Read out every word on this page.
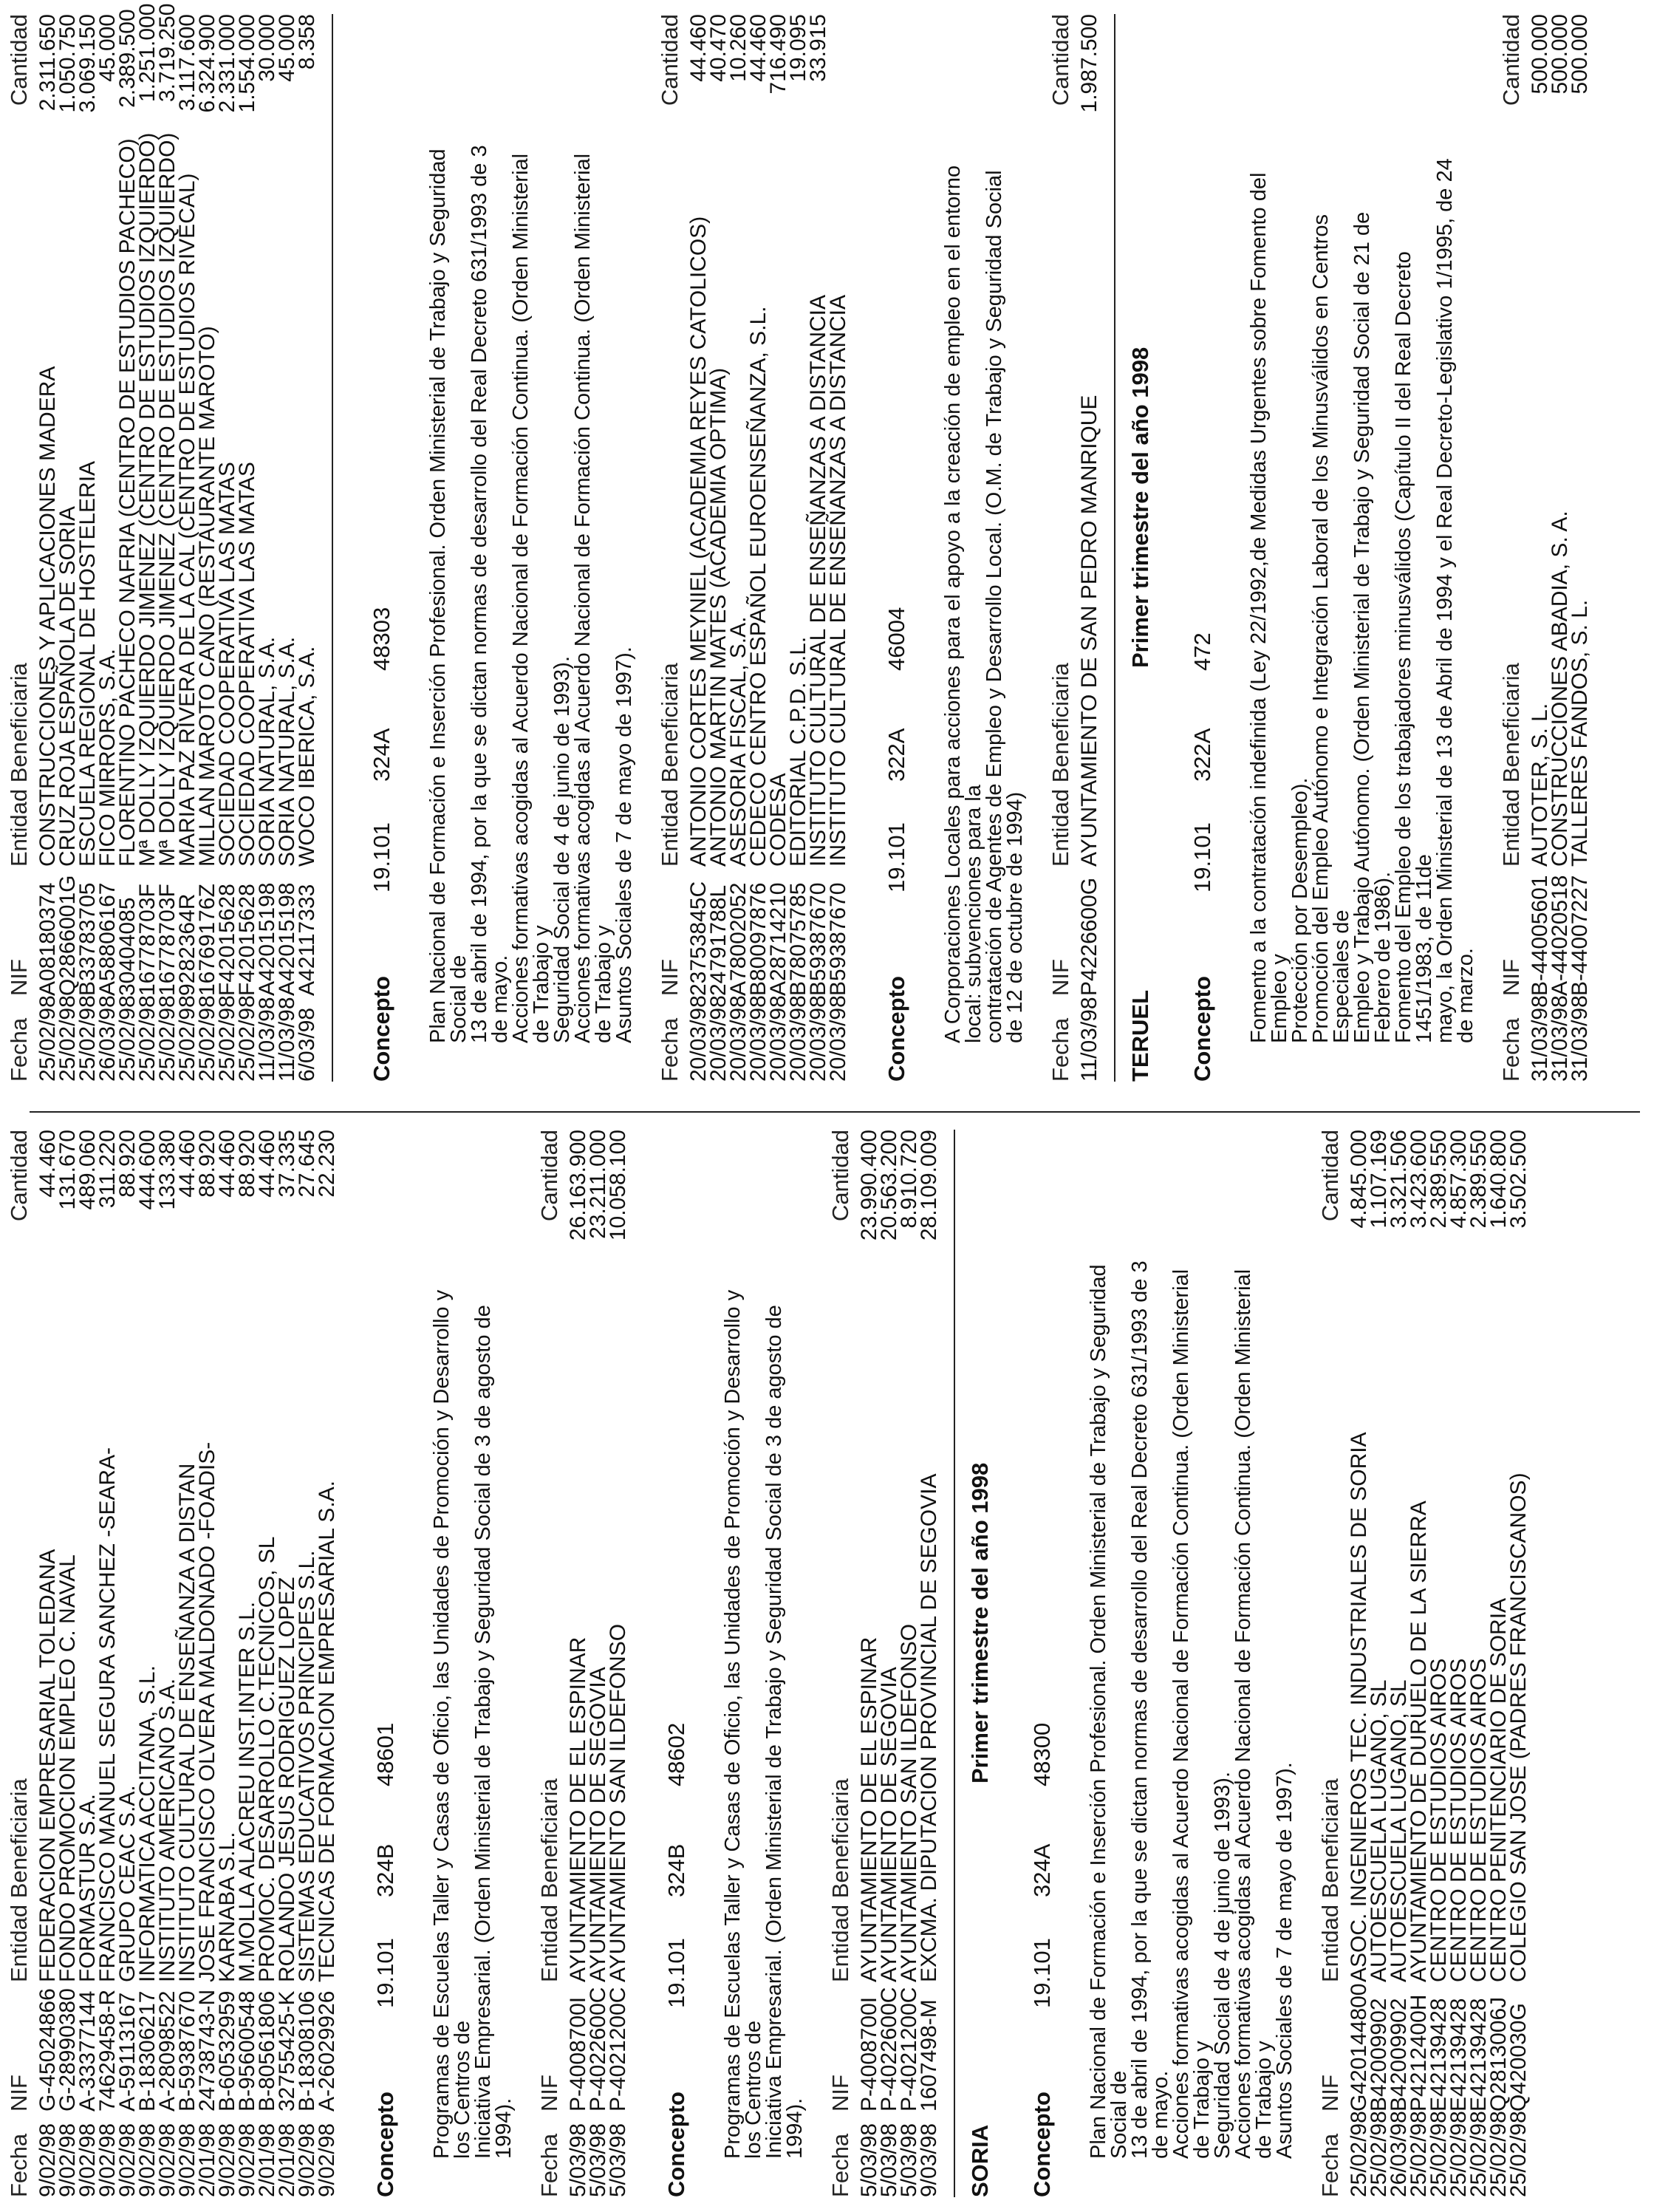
Fecha
NIF
Entidad Beneficiaria
Cantidad
9/02/98
G-45024866
FEDERACION EMPRESARIAL TOLEDANA
44.460
9/02/98
G-28990380
FONDO PROMOCION EMPLEO C. NAVAL
131.670
9/02/98
A-33377144
FORMASTUR S.A.
489.060
9/02/98
74629458-R
FRANCISCO MANUEL SEGURA SANCHEZ -SEARA-
311.220
9/02/98
A-59113167
GRUPO CEAC S.A.
88.920
9/02/98
B-18306217
INFORMATICA ACCITANA, S.L.
444.600
9/02/98
A-28098522
INSTITUTO AMERICANO S.A.
133.380
9/02/98
B-59387670
INSTITUTO CULTURAL DE ENSEÑANZA A DISTAN
44.460
2/01/98
24738743-N
JOSE FRANCISCO OLVERA MALDONADO -FOADIS-
88.920
9/02/98
B-60532959
KARNABA S.L.
44.460
9/02/98
B-95600548
M.MOLLA ALACREU INST.INTER S.L.
88.920
2/01/98
B-80561806
PROMOC. DESARROLLO C.TECNICOS, SL
44.460
2/01/98
32755425-K
ROLANDO JESUS RODRIGUEZ LOPEZ
37.335
9/02/98
B-18308106
SISTEMAS EDUCATIVOS PRINCIPES S.L.
27.645
9/02/98
A-26029926
TECNICAS DE FORMACION EMPRESARIAL S.A.
22.230
Concepto
19.101
324B
48601
Programas de Escuelas Taller y Casas de Oficio, las Unidades de Promoción y Desarrollo y los Centros de
Iniciativa Empresarial. (Orden Ministerial de Trabajo y Seguridad Social de 3 de agosto de 1994).
Fecha
NIF
Entidad Beneficiaria
Cantidad
5/03/98
P-4008700I
AYUNTAMIENTO DE EL ESPINAR
26.163.900
5/03/98
P-4022600C
AYUNTAMIENTO DE SEGOVIA
23.211.000
5/03/98
P-4021200C
AYUNTAMIENTO SAN ILDEFONSO
10.058.100
Concepto
19.101
324B
48602
Programas de Escuelas Taller y Casas de Oficio, las Unidades de Promoción y Desarrollo y los Centros de
Iniciativa Empresarial. (Orden Ministerial de Trabajo y Seguridad Social de 3 de agosto de 1994).
Fecha
NIF
Entidad Beneficiaria
Cantidad
5/03/98
P-4008700I
AYUNTAMIENTO DE EL ESPINAR
23.990.400
5/03/98
P-4022600C
AYUNTAMIENTO DE SEGOVIA
20.563.200
5/03/98
P-4021200C
AYUNTAMIENTO SAN ILDEFONSO
8.910.720
9/03/98
1607498-M
EXCMA. DIPUTACION PROVINCIAL DE SEGOVIA
28.109.009
SORIA
Primer trimestre del año 1998
Concepto
19.101
324A
48300
Plan Nacional de Formación e Inserción Profesional. Orden Ministerial de Trabajo y Seguridad Social de
13 de abril de 1994, por la que se dictan normas de desarrollo del Real Decreto 631/1993 de 3 de mayo.
Acciones formativas acogidas al Acuerdo Nacional de Formación Continua. (Orden Ministerial de Trabajo y
Seguridad Social de 4 de junio de 1993).
Acciones formativas acogidas al Acuerdo Nacional de Formación Continua. (Orden Ministerial de Trabajo y
Asuntos Sociales de 7 de mayo de 1997).
Fecha
NIF
Entidad Beneficiaria
Cantidad
25/02/98
G420144800
ASOC. INGENIEROS TEC. INDUSTRIALES DE SORIA
4.845.000
25/02/98
B42009902
AUTOESCUELA LUGANO, SL
1.107.169
26/03/98
B42009902
AUTOESCUELA LUGANO, SL
3.321.506
25/02/98
P4212400H
AYUNTAMIENTO DE DURUELO DE LA SIERRA
3.423.600
25/02/98
E42139428
CENTRO DE ESTUDIOS AIROS
2.389.550
25/02/98
E42139428
CENTRO DE ESTUDIOS AIROS
4.857.300
25/02/98
E42139428
CENTRO DE ESTUDIOS AIROS
2.389.550
25/02/98
Q2813006J
CENTRO PENITENCIARIO DE SORIA
1.640.800
25/02/98
Q420030G
COLEGIO SAN JOSE (PADRES FRANCISCANOS)
3.502.500
Fecha
NIF
Entidad Beneficiaria
Cantidad
25/02/98
A08180374
CONSTRUCCIONES Y APLICACIONES MADERA
2.311.650
25/02/98
Q2866001G
CRUZ ROJA ESPAÑOLA DE SORIA
1.050.750
25/02/98
B33783705
ESCUELA REGIONAL DE HOSTELERIA
3.069.150
26/03/98
A58806167
FICO MIRRORS, S.A.
45.000
25/02/98
30404085
FLORENTINO PACHECO NAFRIA (CENTRO DE ESTUDIOS PACHECO)
2.389.500
25/02/98
16778703F
Mª DOLLY IZQUIERDO JIMENEZ (CENTRO DE ESTUDIOS IZQUIERDO)
1.251.000
25/02/98
16778703F
Mª DOLLY IZQUIERDO JIMENEZ (CENTRO DE ESTUDIOS IZQUIERDO)
3.719.250
25/02/98
9282364R
MARIA PAZ RIVERA DE LA CAL (CENTRO DE ESTUDIOS RIVECAL)
3.117.600
25/02/98
16769176Z
MILLAN MAROTO CANO (RESTAURANTE MAROTO)
6.324.900
25/02/98
F42015628
SOCIEDAD COOPERATIVA LAS MATAS
2.331.000
25/02/98
F42015628
SOCIEDAD COOPERATIVA LAS MATAS
1.554.000
11/03/98
A42015198
SORIA NATURAL, S.A.
30.000
11/03/98
A42015198
SORIA NATURAL, S.A.
45.000
6/03/98
A42117333
WOCO IBERICA, S.A.
8.358
Concepto
19.101
324A
48303
Plan Nacional de Formación e Inserción Profesional. Orden Ministerial de Trabajo y Seguridad Social de
13 de abril de 1994, por la que se dictan normas de desarrollo del Real Decreto 631/1993 de 3 de mayo.
Acciones formativas acogidas al Acuerdo Nacional de Formación Continua. (Orden Ministerial de Trabajo y
Seguridad Social de 4 de junio de 1993).
Acciones formativas acogidas al Acuerdo Nacional de Formación Continua. (Orden Ministerial de Trabajo y
Asuntos Sociales de 7 de mayo de 1997).
Fecha
NIF
Entidad Beneficiaria
Cantidad
20/03/98
23753845C
ANTONIO CORTES MEYNIEL (ACADEMIA REYES CATOLICOS)
44.460
20/03/98
24791788L
ANTONIO MARTIN MATES (ACADEMIA OPTIMA)
40.470
20/03/98
A78002052
ASESORIA FISCAL, S.A.
10.260
20/03/98
B80097876
CEDECO CENTRO ESPAÑOL EUROENSEÑANZA, S.L.
44.460
20/03/98
A28714210
CODESA
716.490
20/03/98
B78075785
EDITORIAL C.P.D. S.L.
19.095
20/03/98
B59387670
INSTITUTO CULTURAL DE ENSEÑANZAS A DISTANCIA
33.915
20/03/98
B59387670
INSTITUTO CULTURAL DE ENSEÑANZAS A DISTANCIA
Concepto
19.101
322A
46004
A Corporaciones Locales para acciones para el apoyo a la creación de empleo en el entorno local: subvenciones para la
contratación de Agentes de Empleo y Desarrollo Local. (O.M. de Trabajo y Seguridad Social de 12 de octubre de 1994)
Fecha
NIF
Entidad Beneficiaria
Cantidad
11/03/98
P4226600G
AYUNTAMIENTO DE SAN PEDRO MANRIQUE
1.987.500
TERUEL
Primer trimestre del año 1998
Concepto
19.101
322A
472
Fomento a la contratación indefinida (Ley 22/1992,de Medidas Urgentes sobre Fomento del Empleo y
Protección por Desempleo).
Promoción del Empleo Autónomo e Integración Laboral de los Minusválidos en Centros Especiales de
Empleo y Trabajo Autónomo. (Orden Ministerial de Trabajo y Seguridad Social de 21 de Febrero de 1986).
Fomento del Empleo de los trabajadores minusválidos (Capítulo II del Real Decreto 1451/1983, de 11de
mayo, la Orden Ministerial de 13 de Abril de 1994 y el Real Decreto-Legislativo 1/1995, de 24 de marzo.
Fecha
NIF
Entidad Beneficiaria
Cantidad
31/03/98
B-44005601
AUTOTER, S. L.
500.000
31/03/98
A-44020518
CONSTRUCCIONES ABADIA, S. A.
500.000
31/03/98
B-44007227
TALLERES FANDOS, S. L.
500.000
